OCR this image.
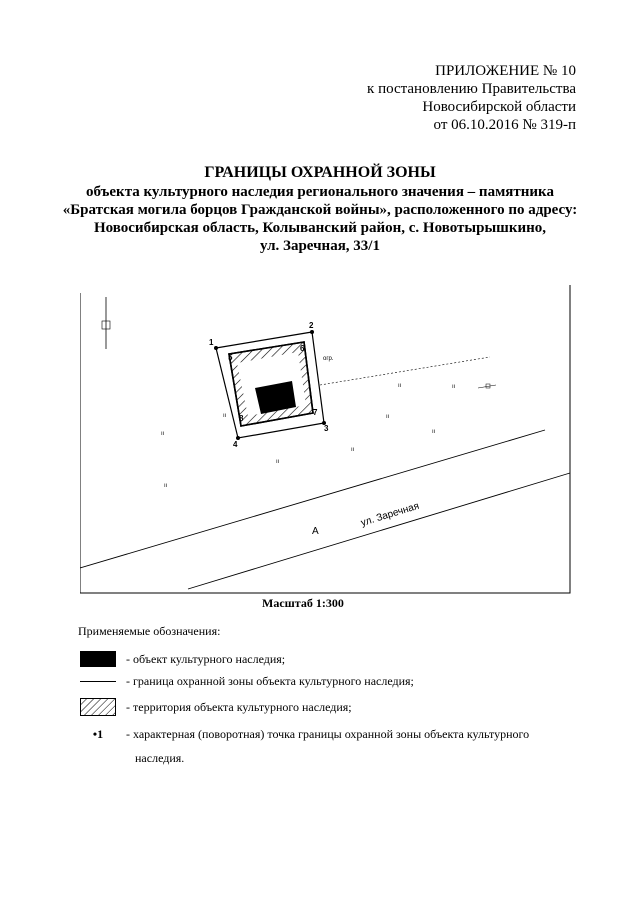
ПРИЛОЖЕНИЕ № 10
к постановлению Правительства
Новосибирской области
от 06.10.2016 № 319-п
ГРАНИЦЫ ОХРАННОЙ ЗОНЫ
объекта культурного наследия регионального значения – памятника
«Братская могила борцов Гражданской войны», расположенного по адресу:
Новосибирская область, Колыванский район, с. Новотырышкино,
ул. Заречная, 33/1
огр.
1
2
3
4
5
6
7
8
ıı	ıı
ıı
ıı
ıı
ıı
ıı
ıı
ıı
ул. Заречная
А
Масштаб 1:300
Применяемые обозначения:
- объект культурного наследия;
- граница охранной зоны объекта культурного наследия;
- территория объекта культурного наследия;
•1	- характерная (поворотная) точка границы охранной зоны объекта культурного
наследия.
